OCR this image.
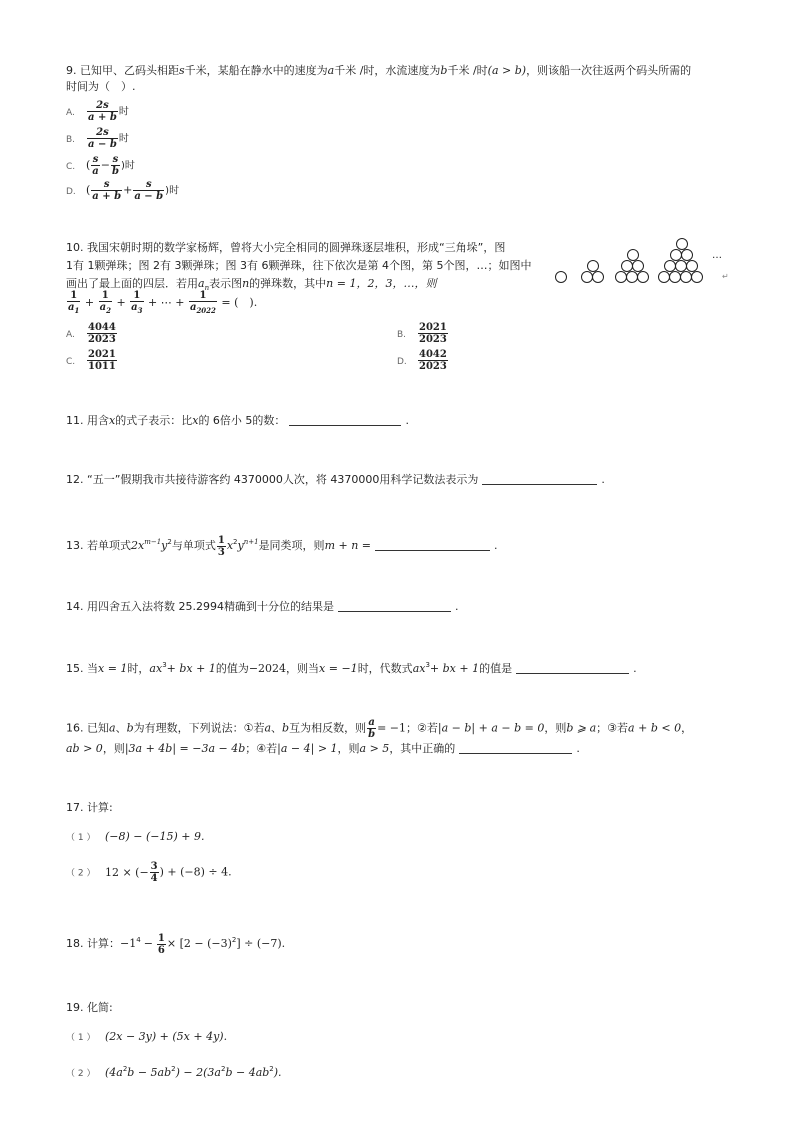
9. 已知甲、乙码头相距s千米，某船在静水中的速度为a千米 /时，水流速度为b千米 /时(a > b)，则该船一次往返两个码头所需的
时间为（　）.
A. $\frac{2s}{a + b}$ 时
B. $\frac{2s}{a - b}$ 时
C. ( $\frac{s}{a} - \frac{s}{b}$ )时
D. ( $\frac{s}{a + b} + \frac{s}{a - b}$ )时
10. 我国宋朝时期的数学家杨辉，曾将大小完全相同的圆弹珠逐层堆积，形成“三角垛”，图
1有 1颗弹珠；图 2有 3颗弹珠；图 3有 6颗弹珠，往下依次是第 4个图，第 5个图，…；如图中
画出了最上面的四层．若用$a_n$表示图n的弹珠数，其中n = 1，2，3，…，则
$\frac{1}{a_1} + \frac{1}{a_2} + \frac{1}{a_3}$ + ⋯ + $\frac{1}{a_{2022}}$ = (　).
…
↵
A. $\frac{4044}{2023}$	B. $\frac{2021}{2023}$
C. $\frac{2021}{1011}$	D. $\frac{4042}{2023}$
11. 用含x的式子表示：比x的 6倍小 5的数：	.
12. “五一”假期我市共接待游客约 4370000人次，将 4370000用科学记数法表示为	.
13. 若单项式$2x^{m-1}y^2$与单项式 $\frac{1}{3} x^2y^{n+1}$是同类项，则m + n =	.
14. 用四舍五入法将数 25.2994精确到十分位的结果是	.
15. 当x = 1时，$ax^3+$ bx + 1的值为−2024，则当x = −1时，代数式$ax^3+$ bx + 1的值是	.
16. 已知a、b为有理数，下列说法：①若a、b互为相反数，则 $\frac{a}{b} = -1$；②若|a − b| + a − b = 0，则b ⩾ a；③若a + b < 0，
ab > 0，则|3a + 4b| = −3a − 4b；④若|a − 4| > 1，则a > 5，其中正确的	.
17. 计算:
（ 1 ） (−8) − (−15) + 9.
（ 2 ） 12 × (− $\frac{3}{4}$ ) + (−8) ÷ 4.
18. 计算：$-1^4 - \frac{1}{6} \times [2 - (-3)^2] \div (-7)$.
19. 化简:
（ 1 ） (2x − 3y) + (5x + 4y).
（ 2 ） $(4a^2b - 5ab^2) - 2(3a^2b - 4ab^2)$.
